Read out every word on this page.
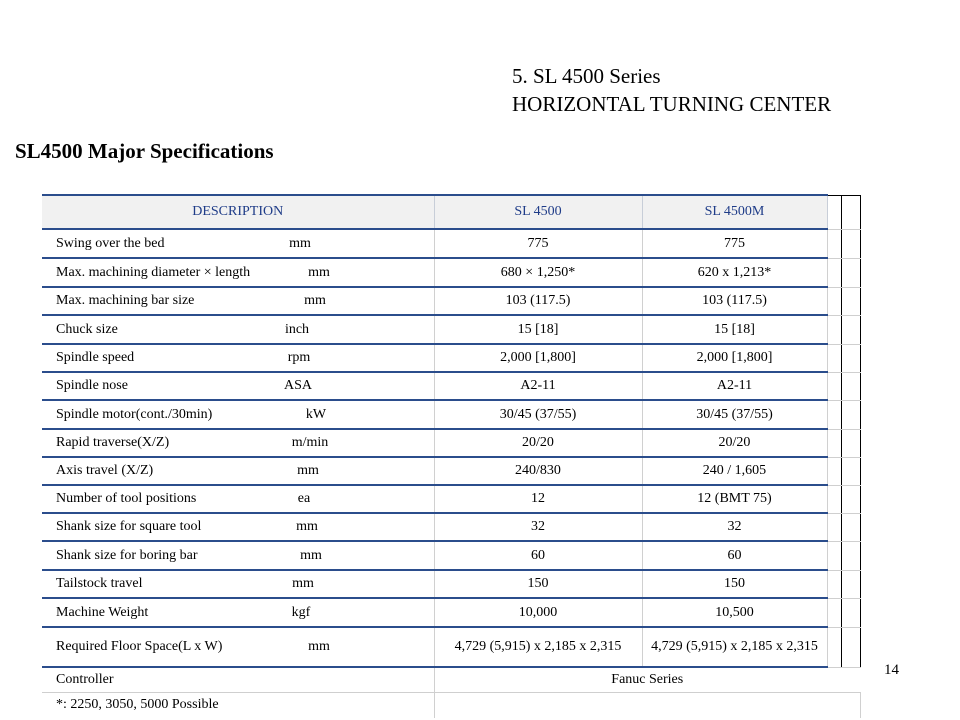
5. SL 4500 Series
HORIZONTAL TURNING CENTER
SL4500 Major Specifications
DESCRIPTION	SL 4500	SL 4500M		

Swing over the bed mm	775	775		

Max. machining diameter × length mm	680 × 1,250*	620 x 1,213*		

Max. machining bar size mm	103 (117.5)	103 (117.5)		

Chuck size inch	15 [18]	15 [18]		

Spindle speed rpm	2,000 [1,800]	2,000 [1,800]		

Spindle nose ASA	A2-11	A2-11		

Spindle motor(cont./30min) kW	30/45 (37/55)	30/45 (37/55)		

Rapid traverse(X/Z) m/min	20/20	20/20		

Axis travel (X/Z) mm	240/830	240 / 1,605		

Number of tool positions ea	12	12 (BMT 75)		

Shank size for square tool mm	32	32		

Shank size for boring bar mm	60	60		

Tailstock travel mm	150	150		

Machine Weight kgf	10,000	10,500		

Required Floor Space(L x W) mm	4,729 (5,915) x 2,185 x 2,315	4,729 (5,915) x 2,185 x 2,315		
Controller	Fanuc Series			
*: 2250, 3050, 5000 Possible				
14
